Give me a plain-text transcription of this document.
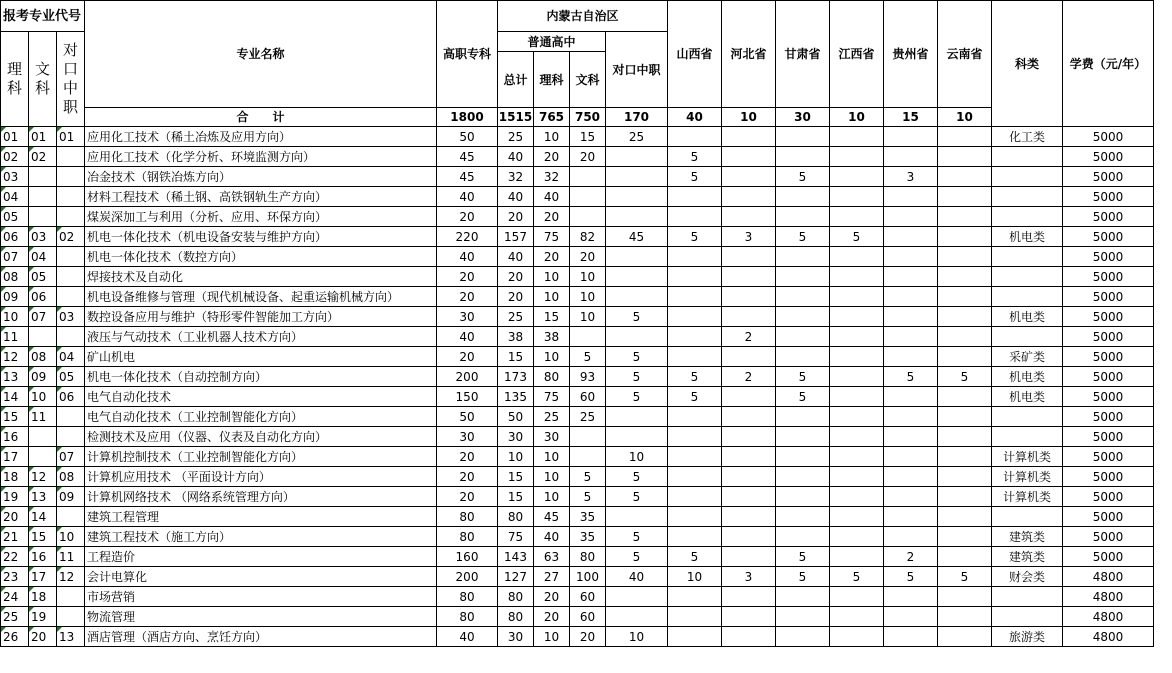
报考专业代号			专业名称	高职专科	内蒙古自治区				山西省	河北省	甘肃省	江西省	贵州省	云南省	科类	学费（元/年）
理科	文科	对口中职			普通高中			对口中职								
					总计	理科	文科									
			合　　计	1800	1515	765	750	170	40	10	30	10	15	10		
01	01	01	应用化工技术（稀土冶炼及应用方向）	50	25	10	15	25							化工类	5000
02	02		应用化工技术（化学分析、环境监测方向）	45	40	20	20		5							5000
03			冶金技术（钢铁冶炼方向）	45	32	32			5		5		3			5000
04			材料工程技术（稀土钢、高铁钢轨生产方向）	40	40	40										5000
05			煤炭深加工与利用（分析、应用、环保方向）	20	20	20										5000
06	03	02	机电一体化技术（机电设备安装与维护方向）	220	157	75	82	45	5	3	5	5			机电类	5000
07	04		机电一体化技术（数控方向）	40	40	20	20									5000
08	05		焊接技术及自动化	20	20	10	10									5000
09	06		机电设备维修与管理（现代机械设备、起重运输机械方向）	20	20	10	10									5000
10	07	03	数控设备应用与维护（特形零件智能加工方向）	30	25	15	10	5							机电类	5000
11			液压与气动技术（工业机器人技术方向）	40	38	38				2						5000
12	08	04	矿山机电	20	15	10	5	5							采矿类	5000
13	09	05	机电一体化技术（自动控制方向）	200	173	80	93	5	5	2	5		5	5	机电类	5000
14	10	06	电气自动化技术	150	135	75	60	5	5		5				机电类	5000
15	11		电气自动化技术（工业控制智能化方向）	50	50	25	25									5000
16			检测技术及应用（仪器、仪表及自动化方向）	30	30	30										5000
17		07	计算机控制技术（工业控制智能化方向）	20	10	10		10							计算机类	5000
18	12	08	计算机应用技术 （平面设计方向）	20	15	10	5	5							计算机类	5000
19	13	09	计算机网络技术 （网络系统管理方向）	20	15	10	5	5							计算机类	5000
20	14		建筑工程管理	80	80	45	35									5000
21	15	10	建筑工程技术（施工方向）	80	75	40	35	5							建筑类	5000
22	16	11	工程造价	160	143	63	80	5	5		5		2		建筑类	5000
23	17	12	会计电算化	200	127	27	100	40	10	3	5	5	5	5	财会类	4800
24	18		市场营销	80	80	20	60									4800
25	19		物流管理	80	80	20	60									4800
26	20	13	酒店管理（酒店方向、烹饪方向）	40	30	10	20	10							旅游类	4800
